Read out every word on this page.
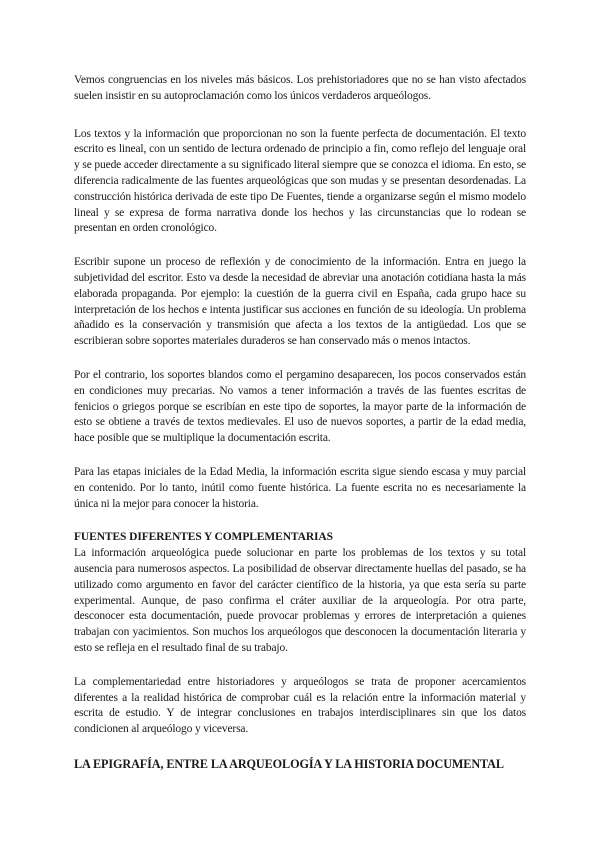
Vemos congruencias en los niveles más básicos. Los prehistoriadores que no se han visto afectados suelen insistir en su autoproclamación como los únicos verdaderos arqueólogos.

Los textos y la información que proporcionan no son la fuente perfecta de documentación. El texto escrito es lineal, con un sentido de lectura ordenado de principio a fin, como reflejo del lenguaje oral y se puede acceder directamente a su significado literal siempre que se conozca el idioma. En esto, se diferencia radicalmente de las fuentes arqueológicas que son mudas y se presentan desordenadas. La construcción histórica derivada de este tipo De Fuentes, tiende a organizarse según el mismo modelo lineal y se expresa de forma narrativa donde los hechos y las circunstancias que lo rodean se presentan en orden cronológico.

Escribir supone un proceso de reflexión y de conocimiento de la información. Entra en juego la subjetividad del escritor. Esto va desde la necesidad de abreviar una anotación cotidiana hasta la más elaborada propaganda. Por ejemplo: la cuestión de la guerra civil en España, cada grupo hace su interpretación de los hechos e intenta justificar sus acciones en función de su ideología. Un problema añadido es la conservación y transmisión que afecta a los textos de la antigüedad. Los que se escribieran sobre soportes materiales duraderos se han conservado más o menos intactos.

Por el contrario, los soportes blandos como el pergamino desaparecen, los pocos conservados están en condiciones muy precarias. No vamos a tener información a través de las fuentes escritas de fenicios o griegos porque se escribían en este tipo de soportes, la mayor parte de la información de esto se obtiene a través de textos medievales. El uso de nuevos soportes, a partir de la edad media, hace posible que se multiplique la documentación escrita.

Para las etapas iniciales de la Edad Media, la información escrita sigue siendo escasa y muy parcial en contenido. Por lo tanto, inútil como fuente histórica. La fuente escrita no es necesariamente la única ni la mejor para conocer la historia.

FUENTES DIFERENTES Y COMPLEMENTARIAS

La información arqueológica puede solucionar en parte los problemas de los textos y su total ausencia para numerosos aspectos. La posibilidad de observar directamente huellas del pasado, se ha utilizado como argumento en favor del carácter científico de la historia, ya que esta sería su parte experimental. Aunque, de paso confirma el cráter auxiliar de la arqueología. Por otra parte, desconocer esta documentación, puede provocar problemas y errores de interpretación a quienes trabajan con yacimientos. Son muchos los arqueólogos que desconocen la documentación literaria y esto se refleja en el resultado final de su trabajo.

La complementariedad entre historiadores y arqueólogos se trata de proponer acercamientos diferentes a la realidad histórica de comprobar cuál es la relación entre la información material y escrita de estudio. Y de integrar conclusiones en trabajos interdisciplinares sin que los datos condicionen al arqueólogo y viceversa.

LA EPIGRAFÍA, ENTRE LA ARQUEOLOGÍA Y LA HISTORIA DOCUMENTAL
